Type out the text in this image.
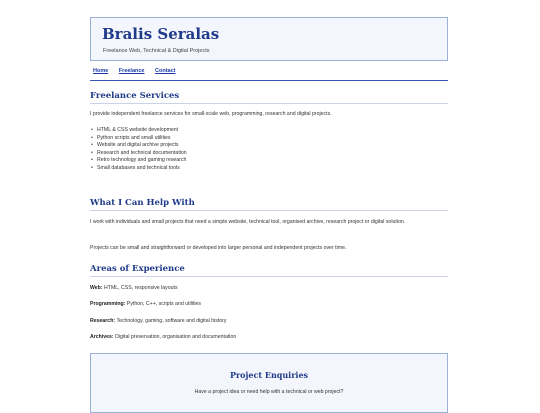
Bralis Seralas
Freelance Web, Technical & Digital Projects
Home Freelance Contact
Freelance Services

I provide independent freelance services for small-scale web, programming, research and digital projects.

• HTML & CSS website development
• Python scripts and small utilities
• Website and digital archive projects
• Research and technical documentation
• Retro technology and gaming research
• Small databases and technical tools
What I Can Help With

I work with individuals and small projects that need a simple website, technical tool, organised archive, research project or digital solution.

Projects can be small and straightforward or developed into larger personal and independent projects over time.

Areas of Experience

Web: HTML, CSS, responsive layouts

Programming: Python, C++, scripts and utilities

Research: Technology, gaming, software and digital history

Archives: Digital preservation, organisation and documentation

Project Enquiries
Have a project idea or need help with a technical or web project?
